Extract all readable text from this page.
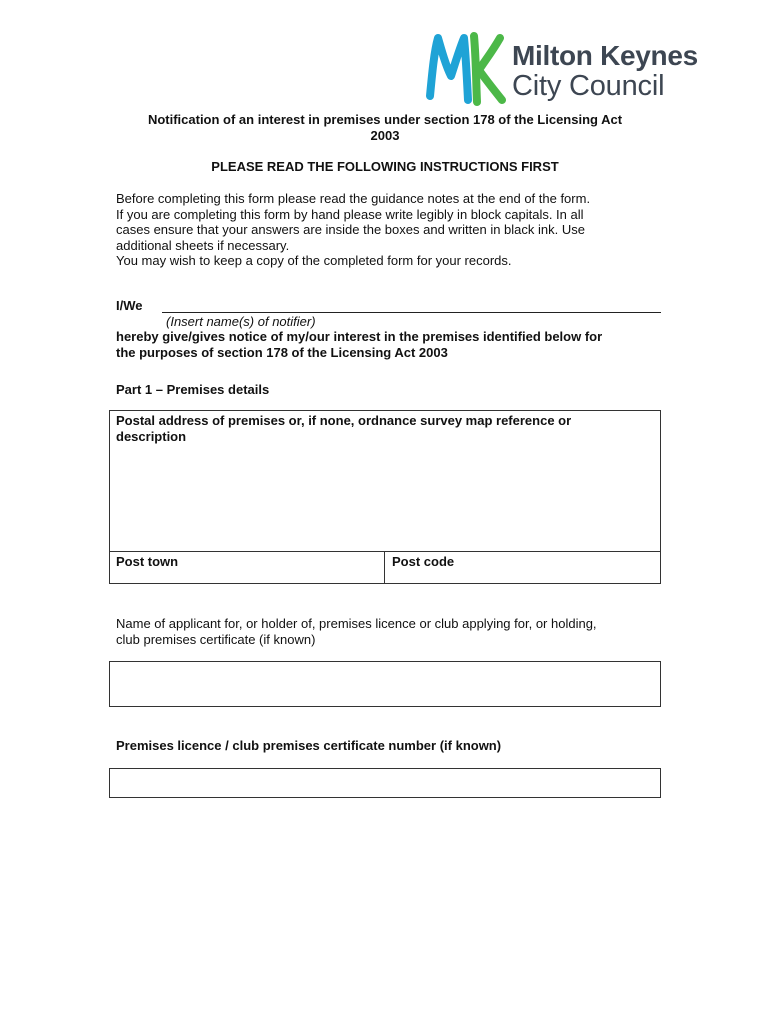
Milton Keynes
City Council
Notification of an interest in premises under section 178 of the Licensing Act
2003
PLEASE READ THE FOLLOWING INSTRUCTIONS FIRST

Before completing this form please read the guidance notes at the end of the form.

If you are completing this form by hand please write legibly in block capitals. In all

cases ensure that your answers are inside the boxes and written in black ink. Use

additional sheets if necessary.

You may wish to keep a copy of the completed form for your records.

I/We
(Insert name(s) of notifier)
hereby give/gives notice of my/our interest in the premises identified below for
the purposes of section 178 of the Licensing Act 2003
Part 1 – Premises details
Postal address of premises or, if none, ordnance survey map reference or
description
Post town	Post code
Name of applicant for, or holder of, premises licence or club applying for, or holding,
club premises certificate (if known)
Premises licence / club premises certificate number (if known)
